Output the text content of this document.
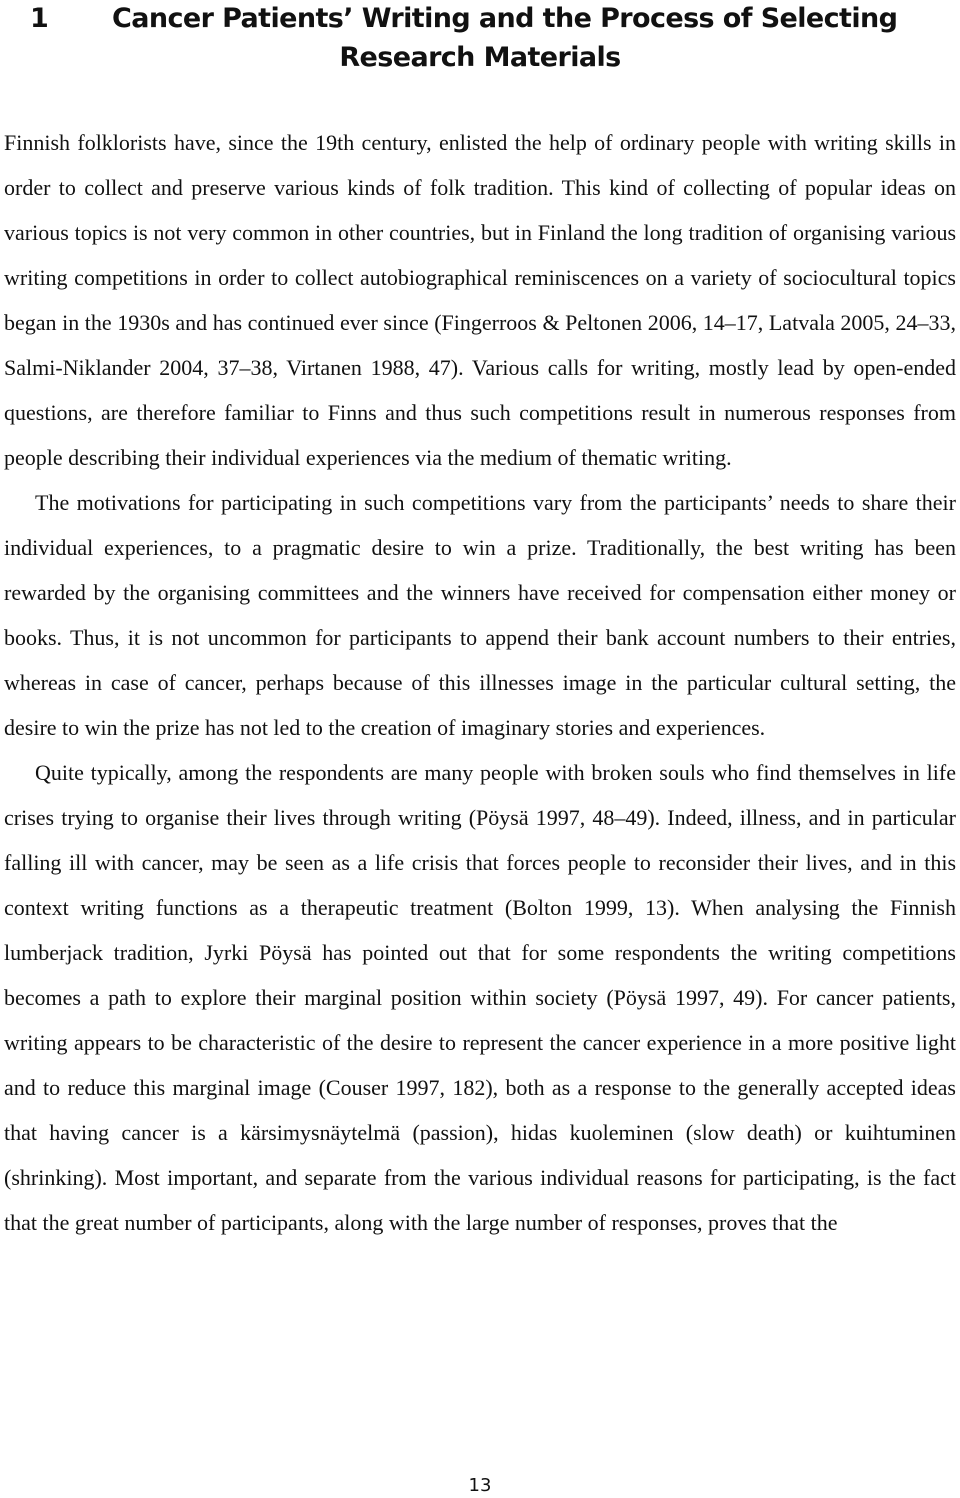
1 Cancer Patients’ Writing and the Process of Selecting
Research Materials

Finnish folklorists have, since the 19th century, enlisted the help of ordinary people with writing skills in order to collect and preserve various kinds of folk tradition. This kind of collecting of popular ideas on various topics is not very common in other countries, but in Finland the long tradition of organising various writing competitions in order to collect autobiographical reminiscences on a variety of sociocultural topics began in the 1930s and has continued ever since (Fingerroos & Peltonen 2006, 14–17, Latvala 2005, 24–33, Salmi-Niklander 2004, 37–38, Virtanen 1988, 47). Various calls for writing, mostly lead by open-ended questions, are therefore familiar to Finns and thus such competitions result in numerous responses from people describing their individual experiences via the medium of thematic writing.

The motivations for participating in such competitions vary from the participants’ needs to share their individual experiences, to a pragmatic desire to win a prize. Traditionally, the best writing has been rewarded by the organising committees and the winners have received for compensation either money or books. Thus, it is not uncommon for participants to append their bank account numbers to their entries, whereas in case of cancer, perhaps because of this illnesses image in the particular cultural setting, the desire to win the prize has not led to the creation of imaginary stories and experiences.

Quite typically, among the respondents are many people with broken souls who find themselves in life crises trying to organise their lives through writing (Pöysä 1997, 48–49). Indeed, illness, and in particular falling ill with cancer, may be seen as a life crisis that forces people to reconsider their lives, and in this context writing functions as a therapeutic treatment (Bolton 1999, 13). When analysing the Finnish lumberjack tradition, Jyrki Pöysä has pointed out that for some respondents the writing competitions becomes a path to explore their marginal position within society (Pöysä 1997, 49). For cancer patients, writing appears to be characteristic of the desire to represent the cancer experience in a more positive light and to reduce this marginal image (Couser 1997, 182), both as a response to the generally accepted ideas that having cancer is a kärsimysnäytelmä (passion), hidas kuoleminen (slow death) or kuihtuminen (shrinking). Most important, and separate from the various individual reasons for participating, is the fact that the great number of participants, along with the large number of responses, proves that the

13
